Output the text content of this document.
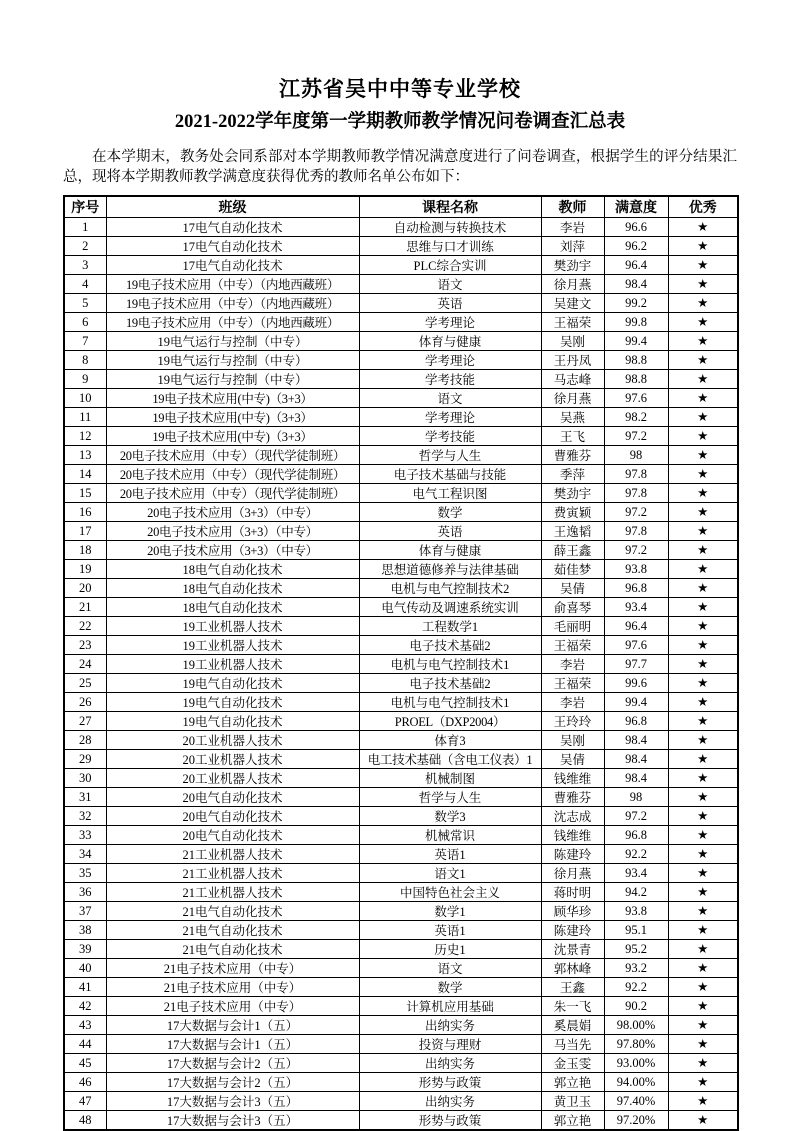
江苏省吴中中等专业学校
2021-2022学年度第一学期教师教学情况问卷调查汇总表

在本学期末，教务处会同系部对本学期教师教学情况满意度进行了问卷调查，根据学生的评分结果汇总，现将本学期教师教学满意度获得优秀的教师名单公布如下：

序号	班级	课程名称	教师	满意度	优秀
1	17电气自动化技术	自动检测与转换技术	李岩	96.6	★
2	17电气自动化技术	思维与口才训练	刘萍	96.2	★
3	17电气自动化技术	PLC综合实训	樊劲宇	96.4	★
4	19电子技术应用（中专）（内地西藏班）	语文	徐月燕	98.4	★
5	19电子技术应用（中专）（内地西藏班）	英语	吴建文	99.2	★
6	19电子技术应用（中专）（内地西藏班）	学考理论	王福荣	99.8	★
7	19电气运行与控制（中专）	体育与健康	吴刚	99.4	★
8	19电气运行与控制（中专）	学考理论	王丹凤	98.8	★
9	19电气运行与控制（中专）	学考技能	马志峰	98.8	★
10	19电子技术应用(中专)（3+3）	语文	徐月燕	97.6	★
11	19电子技术应用(中专)（3+3）	学考理论	吴燕	98.2	★
12	19电子技术应用(中专)（3+3）	学考技能	王飞	97.2	★
13	20电子技术应用（中专）（现代学徒制班）	哲学与人生	曹雅芬	98	★
14	20电子技术应用（中专）（现代学徒制班）	电子技术基础与技能	季萍	97.8	★
15	20电子技术应用（中专）（现代学徒制班）	电气工程识图	樊劲宇	97.8	★
16	20电子技术应用（3+3）（中专）	数学	费寅颖	97.2	★
17	20电子技术应用（3+3）（中专）	英语	王逸韬	97.8	★
18	20电子技术应用（3+3）（中专）	体育与健康	薛王鑫	97.2	★
19	18电气自动化技术	思想道德修养与法律基础	茹佳梦	93.8	★
20	18电气自动化技术	电机与电气控制技术2	吴倩	96.8	★
21	18电气自动化技术	电气传动及调速系统实训	俞喜琴	93.4	★
22	19工业机器人技术	工程数学1	毛丽明	96.4	★
23	19工业机器人技术	电子技术基础2	王福荣	97.6	★
24	19工业机器人技术	电机与电气控制技术1	李岩	97.7	★
25	19电气自动化技术	电子技术基础2	王福荣	99.6	★
26	19电气自动化技术	电机与电气控制技术1	李岩	99.4	★
27	19电气自动化技术	PROEL（DXP2004）	王玲玲	96.8	★
28	20工业机器人技术	体育3	吴刚	98.4	★
29	20工业机器人技术	电工技术基础（含电工仪表）1	吴倩	98.4	★
30	20工业机器人技术	机械制图	钱维维	98.4	★
31	20电气自动化技术	哲学与人生	曹雅芬	98	★
32	20电气自动化技术	数学3	沈志成	97.2	★
33	20电气自动化技术	机械常识	钱维维	96.8	★
34	21工业机器人技术	英语1	陈建玲	92.2	★
35	21工业机器人技术	语文1	徐月燕	93.4	★
36	21工业机器人技术	中国特色社会主义	蒋时明	94.2	★
37	21电气自动化技术	数学1	顾华珍	93.8	★
38	21电气自动化技术	英语1	陈建玲	95.1	★
39	21电气自动化技术	历史1	沈景青	95.2	★
40	21电子技术应用（中专）	语文	郭林峰	93.2	★
41	21电子技术应用（中专）	数学	王鑫	92.2	★
42	21电子技术应用（中专）	计算机应用基础	朱一飞	90.2	★
43	17大数据与会计1（五）	出纳实务	奚晨娟	98.00%	★
44	17大数据与会计1（五）	投资与理财	马当先	97.80%	★
45	17大数据与会计2（五）	出纳实务	金玉雯	93.00%	★
46	17大数据与会计2（五）	形势与政策	郭立艳	94.00%	★
47	17大数据与会计3（五）	出纳实务	黄卫玉	97.40%	★
48	17大数据与会计3（五）	形势与政策	郭立艳	97.20%	★
